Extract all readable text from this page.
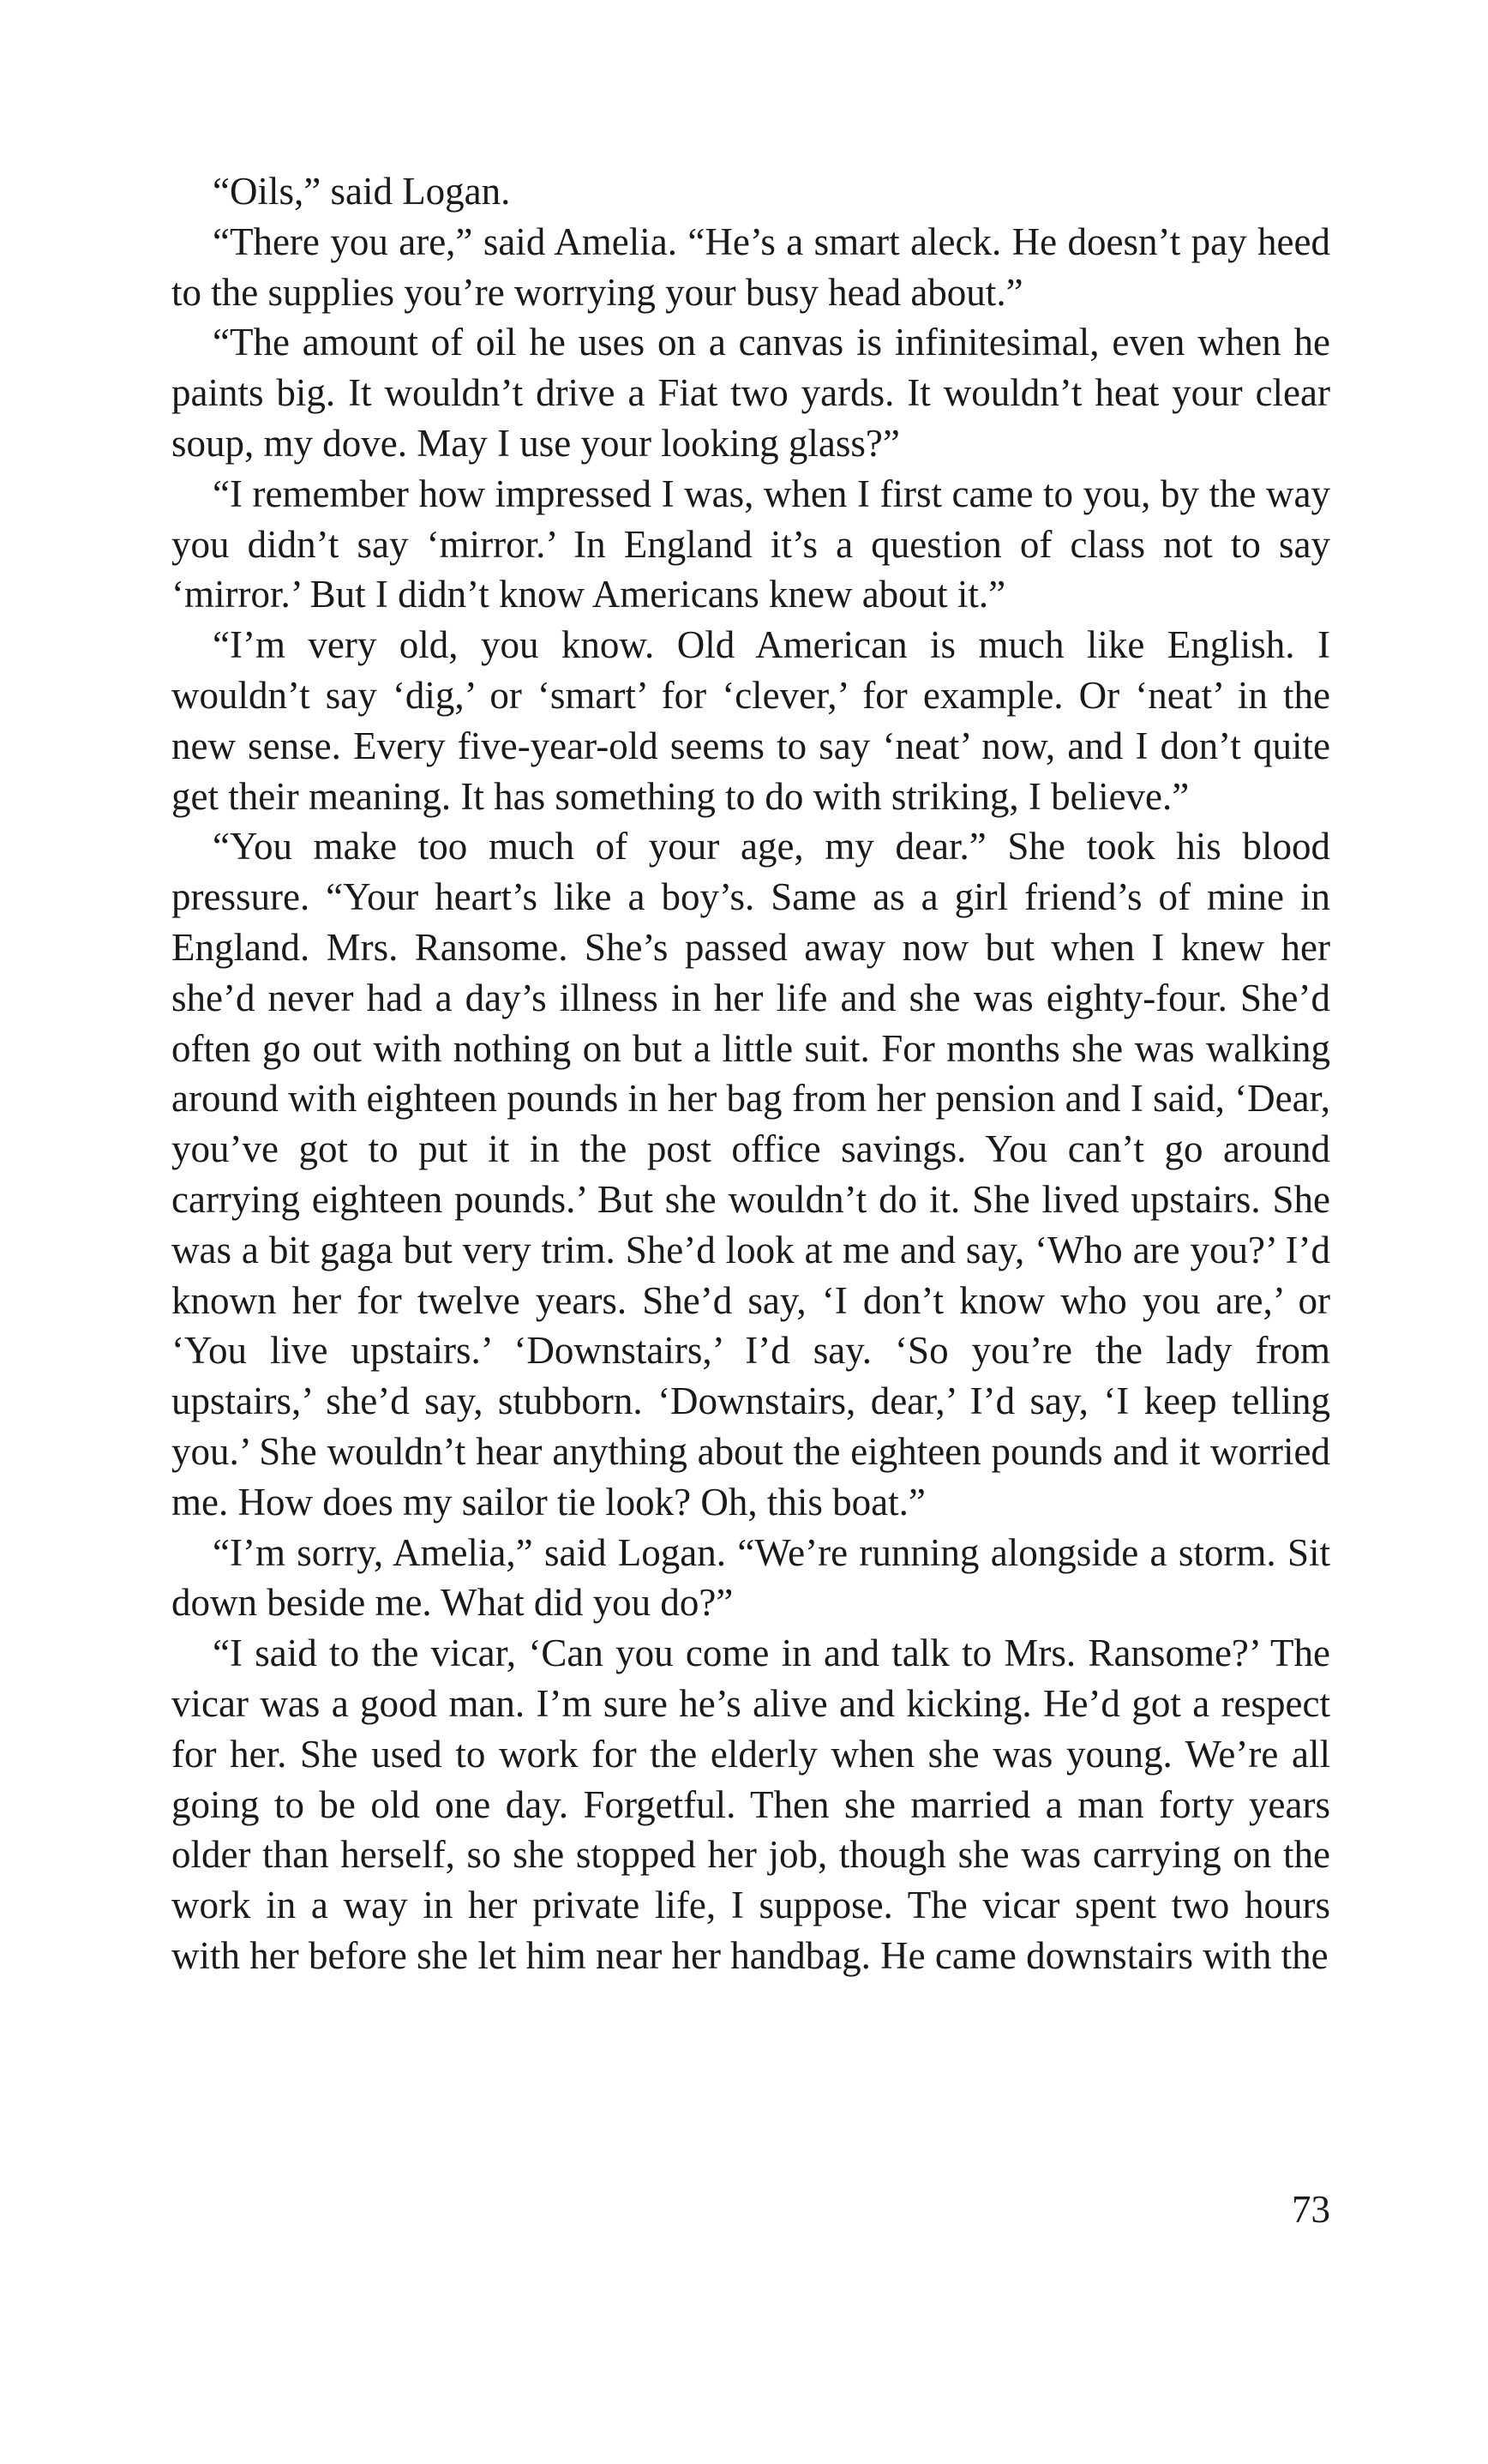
“Oils,” said Logan.

“There you are,” said Amelia. “He’s a smart aleck. He doesn’t pay heed to the supplies you’re worrying your busy head about.”

“The amount of oil he uses on a canvas is infinitesimal, even when he paints big. It wouldn’t drive a Fiat two yards. It wouldn’t heat your clear soup, my dove. May I use your looking glass?”

“I remember how impressed I was, when I first came to you, by the way you didn’t say ‘mirror.’ In England it’s a question of class not to say ‘mirror.’ But I didn’t know Americans knew about it.”

“I’m very old, you know. Old American is much like English. I wouldn’t say ‘dig,’ or ‘smart’ for ‘clever,’ for example. Or ‘neat’ in the new sense. Every five-year-old seems to say ‘neat’ now, and I don’t quite get their meaning. It has something to do with striking, I believe.”

“You make too much of your age, my dear.” She took his blood pressure. “Your heart’s like a boy’s. Same as a girl friend’s of mine in England. Mrs. Ransome. She’s passed away now but when I knew her she’d never had a day’s illness in her life and she was eighty-four. She’d often go out with nothing on but a little suit. For months she was walking around with eighteen pounds in her bag from her pension and I said, ‘Dear, you’ve got to put it in the post office savings. You can’t go around carrying eighteen pounds.’ But she wouldn’t do it. She lived upstairs. She was a bit gaga but very trim. She’d look at me and say, ‘Who are you?’ I’d known her for twelve years. She’d say, ‘I don’t know who you are,’ or ‘You live upstairs.’ ‘Downstairs,’ I’d say. ‘So you’re the lady from upstairs,’ she’d say, stubborn. ‘Downstairs, dear,’ I’d say, ‘I keep telling you.’ She wouldn’t hear anything about the eighteen pounds and it worried me. How does my sailor tie look? Oh, this boat.”

“I’m sorry, Amelia,” said Logan. “We’re running alongside a storm. Sit down beside me. What did you do?”

“I said to the vicar, ‘Can you come in and talk to Mrs. Ransome?’ The vicar was a good man. I’m sure he’s alive and kicking. He’d got a respect for her. She used to work for the elderly when she was young. We’re all going to be old one day. Forgetful. Then she married a man forty years older than herself, so she stopped her job, though she was carrying on the work in a way in her private life, I suppose. The vicar spent two hours with her before she let him near her handbag. He came downstairs with the

73
